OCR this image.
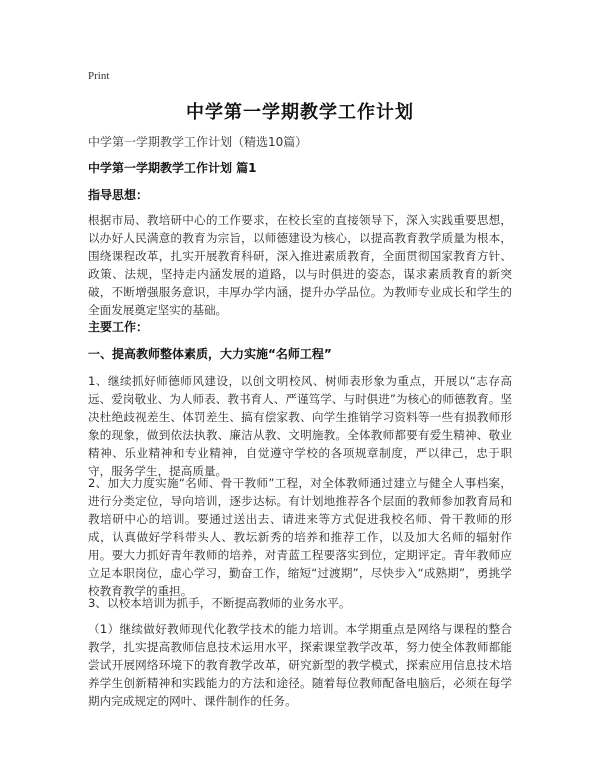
Print
中学第一学期教学工作计划
中学第一学期教学工作计划（精选10篇）
中学第一学期教学工作计划 篇1
指导思想：
根据市局、教培研中心的工作要求，在校长室的直接领导下，深入实践重要思想，以办好人民满意的教育为宗旨，以师德建设为核心，以提高教育教学质量为根本，围绕课程改革，扎实开展教育科研，深入推进素质教育，全面贯彻国家教育方针、政策、法规，坚持走内涵发展的道路，以与时俱进的姿态，谋求素质教育的新突破，不断增强服务意识，丰厚办学内涵，提升办学品位。为教师专业成长和学生的全面发展奠定坚实的基础。
主要工作：
一、提高教师整体素质，大力实施“名师工程”
1、继续抓好师德师风建设，以创文明校风、树师表形象为重点，开展以“志存高远、爱岗敬业、为人师表、教书育人、严谨笃学、与时俱进”为核心的师德教育。坚决杜绝歧视差生、体罚差生、搞有偿家教、向学生推销学习资料等一些有损教师形象的现象，做到依法执教、廉洁从教、文明施教。全体教师都要有爱生精神、敬业精神、乐业精神和专业精神，自觉遵守学校的各项规章制度，严以律己，忠于职守，服务学生，提高质量。
2、加大力度实施“名师、骨干教师”工程，对全体教师通过建立与健全人事档案，进行分类定位，导向培训，逐步达标。有计划地推荐各个层面的教师参加教育局和教培研中心的培训。要通过送出去、请进来等方式促进我校名师、骨干教师的形成，认真做好学科带头人、教坛新秀的培养和推荐工作，以及加大名师的辐射作用。要大力抓好青年教师的培养，对青蓝工程要落实到位，定期评定。青年教师应立足本职岗位，虚心学习，勤奋工作，缩短“过渡期”，尽快步入“成熟期”，勇挑学校教育教学的重担。
3、以校本培训为抓手，不断提高教师的业务水平。
（1）继续做好教师现代化教学技术的能力培训。本学期重点是网络与课程的整合教学，扎实提高教师信息技术运用水平，探索课堂教学改革，努力使全体教师都能尝试开展网络环境下的教育教学改革，研究新型的教学模式，探索应用信息技术培养学生创新精神和实践能力的方法和途径。随着每位教师配备电脑后，必须在每学期内完成规定的网叶、课件制作的任务。
